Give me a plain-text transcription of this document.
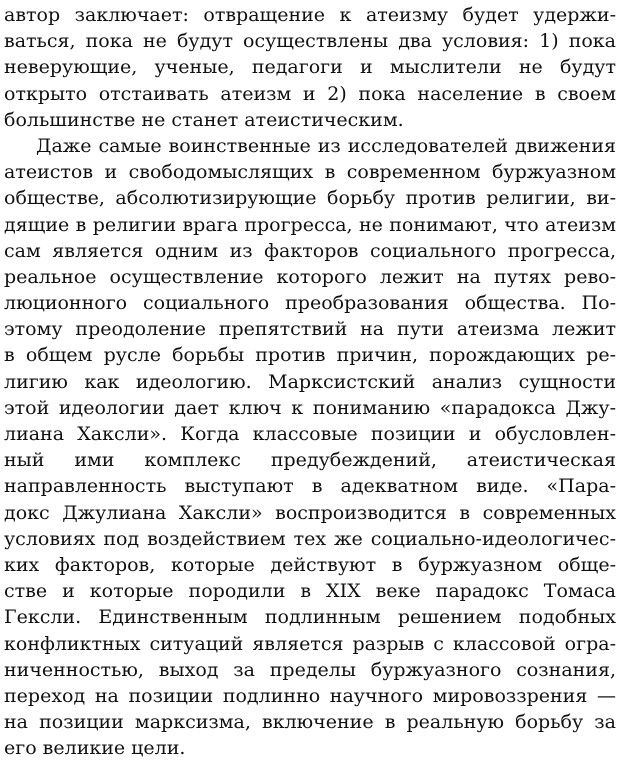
автор заключает: отвращение к атеизму будет удержи-
ваться, пока не будут осуществлены два условия: 1) пока
неверующие, ученые, педагоги и мыслители не будут
открыто отстаивать атеизм и 2) пока население в своем
большинстве не станет атеистическим.
Даже самые воинственные из исследователей движения
атеистов и свободомыслящих в современном буржуазном
обществе, абсолютизирующие борьбу против религии, ви-
дящие в религии врага прогресса, не понимают, что атеизм
сам является одним из факторов социального прогресса,
реальное осуществление которого лежит на путях рево-
люционного социального преобразования общества. По-
этому преодоление препятствий на пути атеизма лежит
в общем русле борьбы против причин, порождающих ре-
лигию как идеологию. Марксистский анализ сущности
этой идеологии дает ключ к пониманию «парадокса Джу-
лиана Хаксли». Когда классовые позиции и обусловлен-
ный ими комплекс предубеждений, атеистическая
направленность выступают в адекватном виде. «Пара-
докс Джулиана Хаксли» воспроизводится в современных
условиях под воздействием тех же социально-идеологичес-
ких факторов, которые действуют в буржуазном обще-
стве и которые породили в XIX веке парадокс Томаса
Гексли. Единственным подлинным решением подобных
конфликтных ситуаций является разрыв с классовой огра-
ниченностью, выход за пределы буржуазного сознания,
переход на позиции подлинно научного мировоззрения —
на позиции марксизма, включение в реальную борьбу за
его великие цели.
